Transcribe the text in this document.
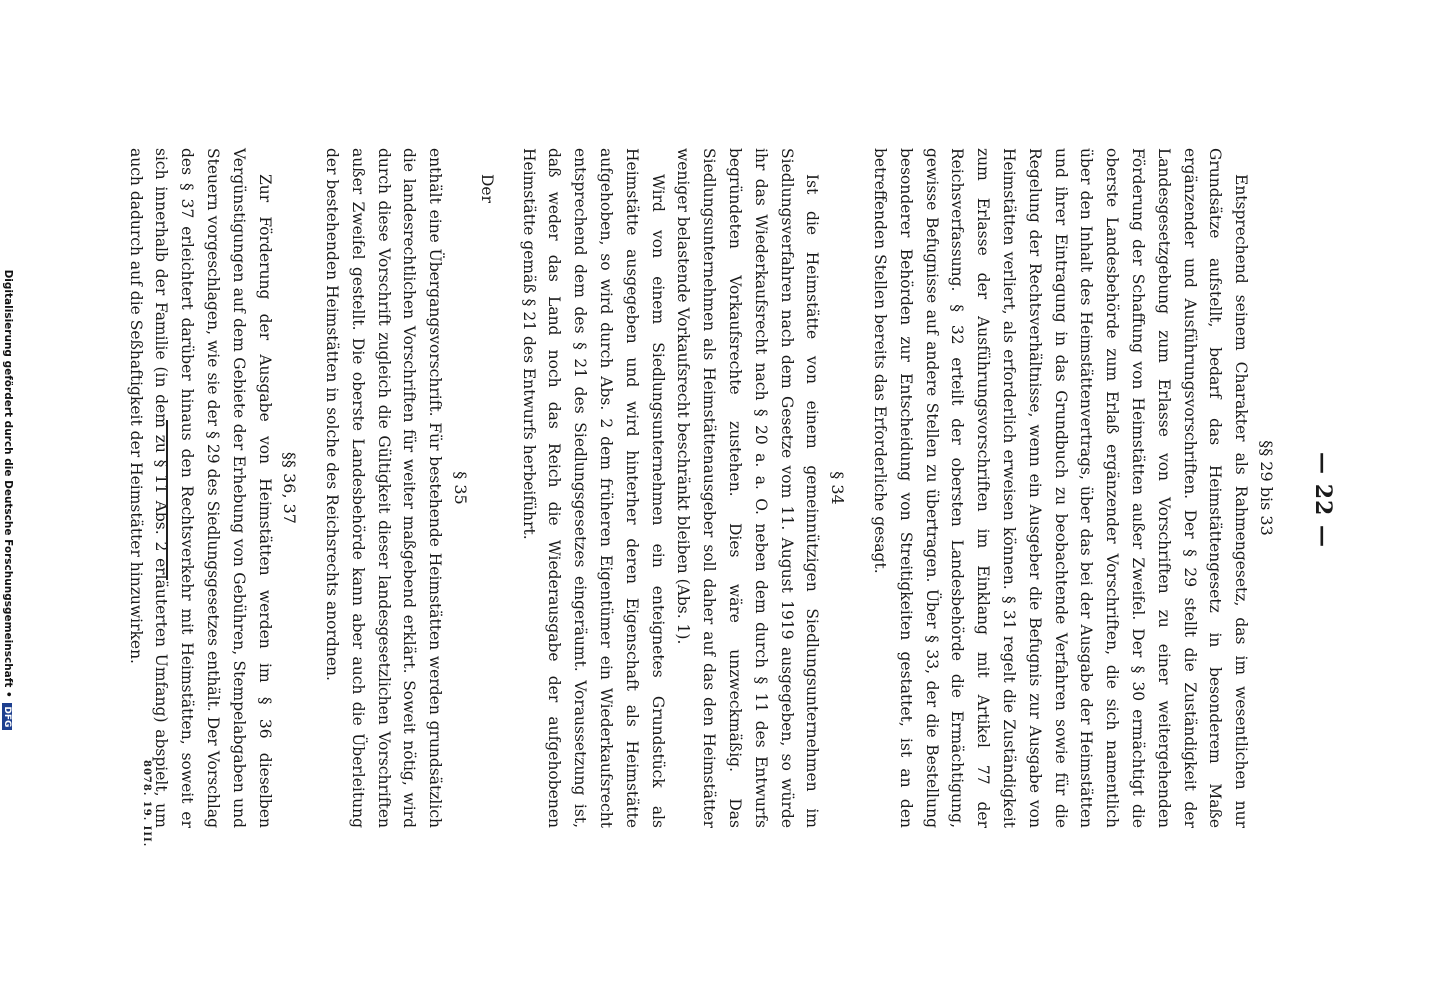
— 22 —
§§ 29 bis 33

Entsprechend seinem Charakter als Rahmengesetz, das im wesentlichen nur Grundsätze aufstellt, bedarf das Heimstättengesetz in besonderem Maße ergänzender und Ausführungsvorschriften. Der § 29 stellt die Zuständigkeit der Landesgesetzgebung zum Erlasse von Vorschriften zu einer weitergehenden Förderung der Schaffung von Heimstätten außer Zweifel. Der § 30 ermächtigt die oberste Landesbehörde zum Erlaß ergänzender Vorschriften, die sich namentlich über den Inhalt des Heimstättenvertrags, über das bei der Ausgabe der Heimstätten und ihrer Eintragung in das Grundbuch zu beobachtende Verfahren sowie für die Regelung der Rechtsverhältnisse, wenn ein Ausgeber die Befugnis zur Ausgabe von Heimstätten verliert, als erforderlich erweisen können. § 31 regelt die Zuständigkeit zum Erlasse der Ausführungsvorschriften im Einklang mit Artikel 77 der Reichsverfassung. § 32 erteilt der obersten Landesbehörde die Ermächtigung, gewisse Befugnisse auf andere Stellen zu übertragen. Über § 33, der die Bestellung besonderer Behörden zur Entscheidung von Streitigkeiten gestattet, ist an den betreffenden Stellen bereits das Erforderliche gesagt.

§ 34

Ist die Heimstätte von einem gemeinnützigen Siedlungsunternehmen im Siedlungsverfahren nach dem Gesetze vom 11. August 1919 ausgegeben, so würde ihr das Wiederkaufsrecht nach § 20 a. a. O. neben dem durch § 11 des Entwurfs begründeten Vorkaufsrechte zustehen. Dies wäre unzweckmäßig. Das Siedlungsunternehmen als Heimstättenausgeber soll daher auf das den Heimstätter weniger belastende Vorkaufsrecht beschränkt bleiben (Abs. 1).

Wird von einem Siedlungsunternehmen ein enteignetes Grundstück als Heimstätte ausgegeben und wird hinterher deren Eigenschaft als Heimstätte aufgehoben, so wird durch Abs. 2 dem früheren Eigentümer ein Wiederkaufsrecht entsprechend dem des § 21 des Siedlungsgesetzes eingeräumt. Voraussetzung ist, daß weder das Land noch das Reich die Wiederausgabe der aufgehobenen Heimstätte gemäß § 21 des Entwurfs herbeiführt.

Der

§ 35

enthält eine Übergangsvorschrift. Für bestehende Heimstätten werden grundsätzlich die landesrechtlichen Vorschriften für weiter maßgebend erklärt. Soweit nötig, wird durch diese Vorschrift zugleich die Gültigkeit dieser landesgesetzlichen Vorschriften außer Zweifel gestellt. Die oberste Landesbehörde kann aber auch die Überleitung der bestehenden Heimstätten in solche des Reichsrechts anordnen.

§§ 36, 37

Zur Förderung der Ausgabe von Heimstätten werden im § 36 dieselben Vergünstigungen auf dem Gebiete der Erhebung von Gebühren, Stempelabgaben und Steuern vorgeschlagen, wie sie der § 29 des Siedlungsgesetzes enthält. Der Vorschlag des § 37 erleichtert darüber hinaus den Rechtsverkehr mit Heimstätten, soweit er sich innerhalb der Familie (in dem zu § 11 Abs. 2 erläuterten Umfang) abspielt, um auch dadurch auf die Seßhaftigkeit der Heimstätter hinzuwirken.

8078. 19. III.
Digitalisierung gefördert durch die Deutsche Forschungsgemeinschaft • DFG
